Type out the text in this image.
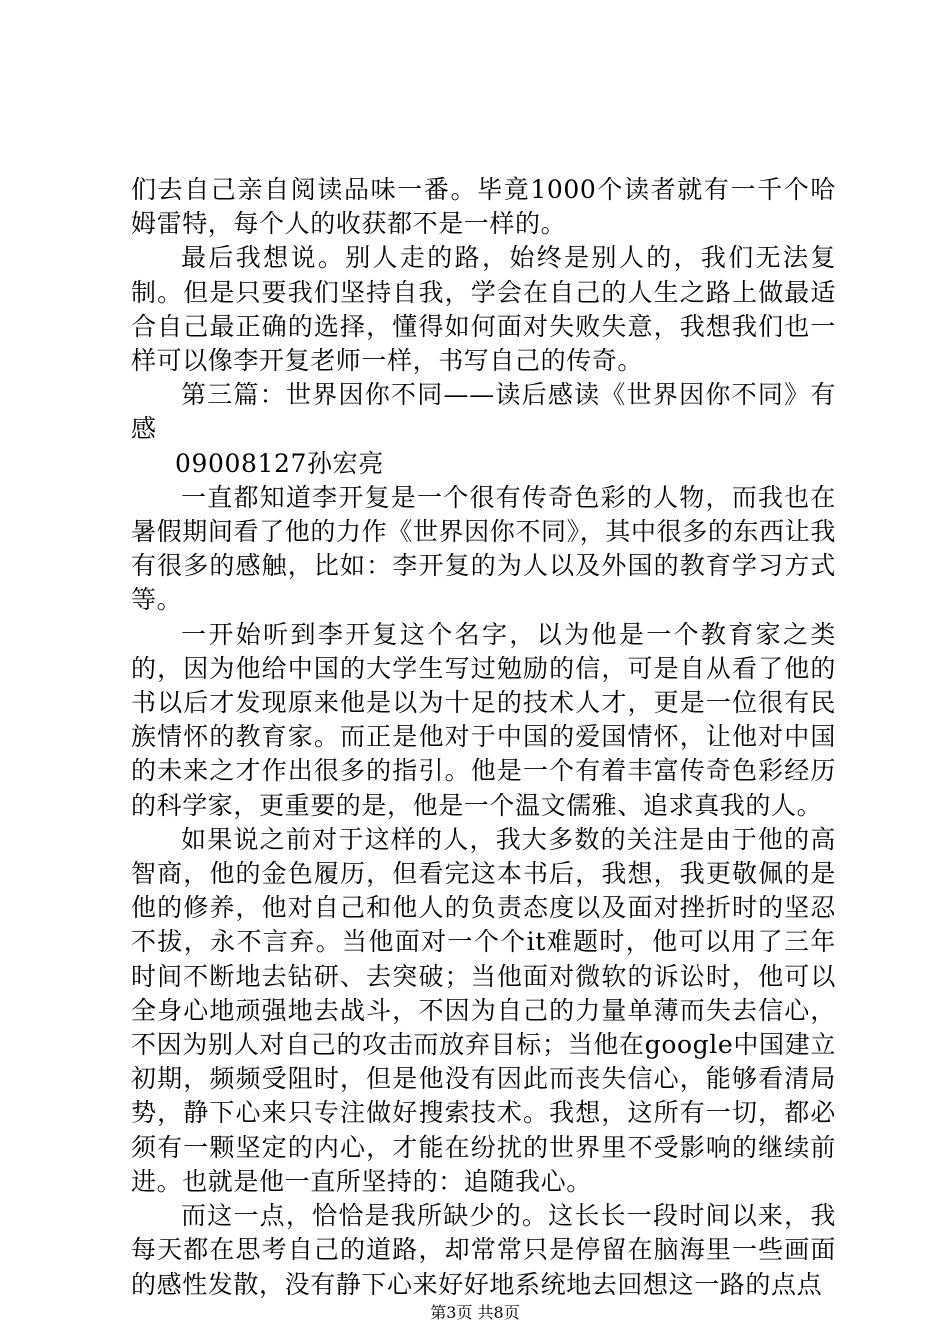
们去自己亲自阅读品味一番。毕竟1000个读者就有一千个哈姆雷特，每个人的收获都不是一样的。

最后我想说。别人走的路，始终是别人的，我们无法复制。但是只要我们坚持自我，学会在自己的人生之路上做最适合自己最正确的选择，懂得如何面对失败失意，我想我们也一样可以像李开复老师一样，书写自己的传奇。

第三篇：世界因你不同——读后感读《世界因你不同》有感

09008127孙宏亮

一直都知道李开复是一个很有传奇色彩的人物，而我也在暑假期间看了他的力作《世界因你不同》，其中很多的东西让我有很多的感触，比如：李开复的为人以及外国的教育学习方式等。

一开始听到李开复这个名字，以为他是一个教育家之类的，因为他给中国的大学生写过勉励的信，可是自从看了他的书以后才发现原来他是以为十足的技术人才，更是一位很有民族情怀的教育家。而正是他对于中国的爱国情怀，让他对中国的未来之才作出很多的指引。他是一个有着丰富传奇色彩经历的科学家，更重要的是，他是一个温文儒雅、追求真我的人。

如果说之前对于这样的人，我大多数的关注是由于他的高智商，他的金色履历，但看完这本书后，我想，我更敬佩的是他的修养，他对自己和他人的负责态度以及面对挫折时的坚忍不拔，永不言弃。当他面对一个个it难题时，他可以用了三年时间不断地去钻研、去突破；当他面对微软的诉讼时，他可以全身心地顽强地去战斗，不因为自己的力量单薄而失去信心，不因为别人对自己的攻击而放弃目标；当他在google中国建立初期，频频受阻时，但是他没有因此而丧失信心，能够看清局势，静下心来只专注做好搜索技术。我想，这所有一切，都必须有一颗坚定的内心，才能在纷扰的世界里不受影响的继续前进。也就是他一直所坚持的：追随我心。

而这一点，恰恰是我所缺少的。这长长一段时间以来，我每天都在思考自己的道路，却常常只是停留在脑海里一些画面的感性发散，没有静下心来好好地系统地去回想这一路的点点

第3页 共8页
